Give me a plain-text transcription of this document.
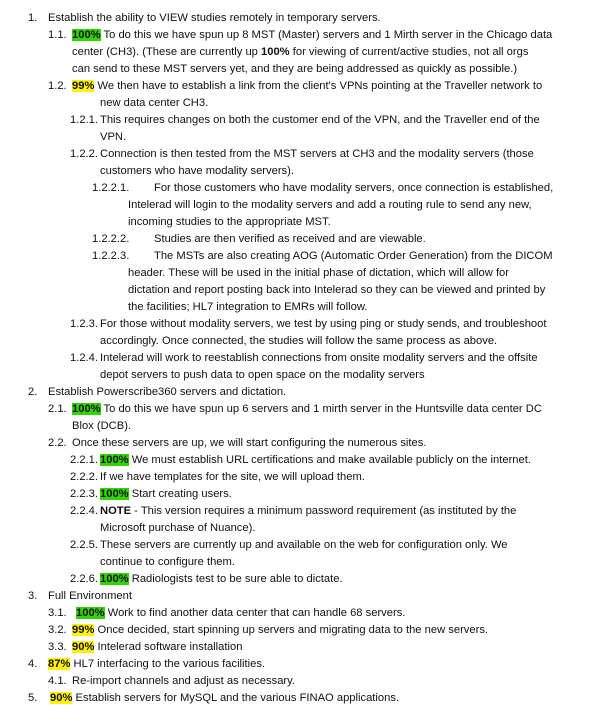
1. Establish the ability to VIEW studies remotely in temporary servers.
1.1. 100% To do this we have spun up 8 MST (Master) servers and 1 Mirth server in the Chicago data
center (CH3). (These are currently up 100% for viewing of current/active studies, not all orgs
can send to these MST servers yet, and they are being addressed as quickly as possible.)
1.2. 99% We then have to establish a link from the client's VPNs pointing at the Traveller network to
new data center CH3.
1.2.1. This requires changes on both the customer end of the VPN, and the Traveller end of the
VPN.
1.2.2. Connection is then tested from the MST servers at CH3 and the modality servers (those
customers who have modality servers).
1.2.2.1. For those customers who have modality servers, once connection is established,
Intelerad will login to the modality servers and add a routing rule to send any new,
incoming studies to the appropriate MST.
1.2.2.2. Studies are then verified as received and are viewable.
1.2.2.3. The MSTs are also creating AOG (Automatic Order Generation) from the DICOM
header. These will be used in the initial phase of dictation, which will allow for
dictation and report posting back into Intelerad so they can be viewed and printed by
the facilities; HL7 integration to EMRs will follow.
1.2.3. For those without modality servers, we test by using ping or study sends, and troubleshoot
accordingly. Once connected, the studies will follow the same process as above.
1.2.4. Intelerad will work to reestablish connections from onsite modality servers and the offsite
depot servers to push data to open space on the modality servers
2. Establish Powerscribe360 servers and dictation.
2.1. 100% To do this we have spun up 6 servers and 1 mirth server in the Huntsville data center DC
Blox (DCB).
2.2. Once these servers are up, we will start configuring the numerous sites.
2.2.1. 100% We must establish URL certifications and make available publicly on the internet.
2.2.2. If we have templates for the site, we will upload them.
2.2.3. 100% Start creating users.
2.2.4. NOTE - This version requires a minimum password requirement (as instituted by the
Microsoft purchase of Nuance).
2.2.5. These servers are currently up and available on the web for configuration only. We
continue to configure them.
2.2.6. 100% Radiologists test to be sure able to dictate.
3. Full Environment
3.1. 100% Work to find another data center that can handle 68 servers.
3.2. 99% Once decided, start spinning up servers and migrating data to the new servers.
3.3. 90% Intelerad software installation
4. 87% HL7 interfacing to the various facilities.
4.1. Re-import channels and adjust as necessary.
5. 90% Establish servers for MySQL and the various FINAO applications.
